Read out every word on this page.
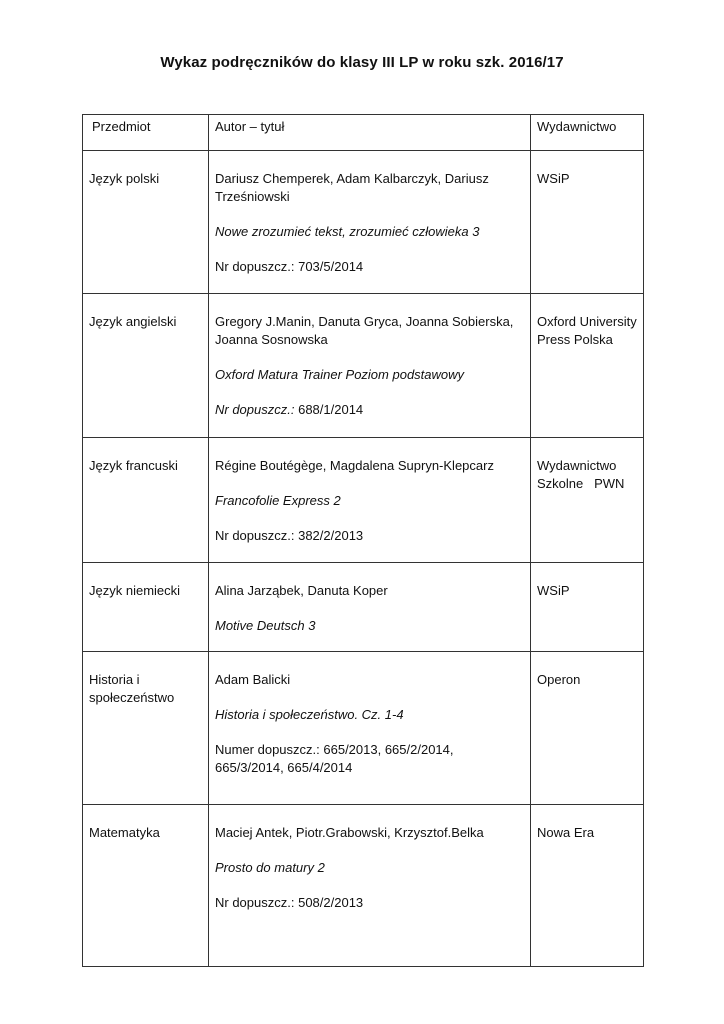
Wykaz podręczników do klasy III LP w roku szk. 2016/17
Przedmiot	Autor – tytuł	Wydawnictwo
Język polski	Dariusz Chemperek, Adam Kalbarczyk, Dariusz Trześniowski
Nowe zrozumieć tekst, zrozumieć człowieka 3
Nr dopuszcz.: 703/5/2014	WSiP
Język angielski	Gregory J.Manin, Danuta Gryca, Joanna Sobierska, Joanna Sosnowska
Oxford Matura Trainer Poziom podstawowy
Nr dopuszcz.: 688/1/2014	Oxford University Press Polska
Język francuski	Régine Boutégège, Magdalena Supryn-Klepcarz
Francofolie Express 2
Nr dopuszcz.: 382/2/2013	Wydawnictwo Szkolne   PWN
Język niemiecki	Alina Jarząbek, Danuta Koper
Motive Deutsch 3	WSiP
Historia i społeczeństwo	Adam Balicki
Historia i społeczeństwo. Cz. 1-4
Numer dopuszcz.: 665/2013, 665/2/2014, 665/3/2014, 665/4/2014	Operon
Matematyka	Maciej Antek, Piotr.Grabowski, Krzysztof.Belka
Prosto do matury 2
Nr dopuszcz.: 508/2/2013	Nowa Era
